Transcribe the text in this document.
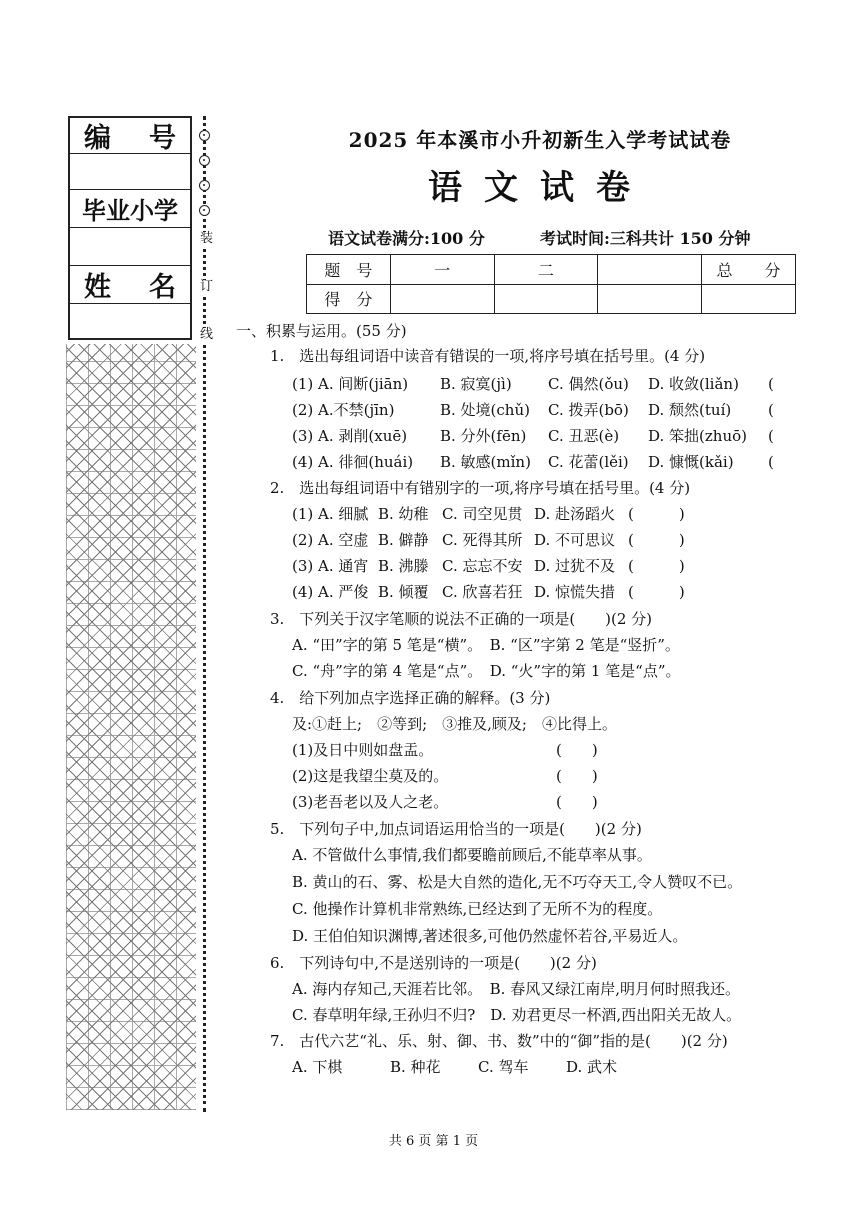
编 号
毕业小学
姓 名
装
订
线
2025 年本溪市小升初新生入学考试试卷
语文试卷
语文试卷满分:100 分	考试时间:三科共计 150 分钟
题　号	一	二		总　　分
得　分				
一、积累与运用。(55 分)
1.　选出每组词语中读音有错误的一项,将序号填在括号里。(4 分)
(1) A. 间断(jiān) B. 寂寞(jì) C. 偶然(ǒu) D. 收敛(liǎn) (
(2) A.不禁(jīn)	B. 处境(chǔ) C. 拨弄(bō) D. 颓然(tuí) (
(3) A. 剥削(xuē) B. 分外(fēn) C. 丑恶(è) D. 笨拙(zhuō) (
(4) A. 徘徊(huái) B. 敏感(mǐn) C. 花蕾(lěi) D. 慷慨(kǎi) (
2.　选出每组词语中有错别字的一项,将序号填在括号里。(4 分)
(1) A. 细腻 B. 幼稚 C. 司空见贯 D. 赴汤蹈火 (　　　)
(2) A. 空虚 B. 僻静 C. 死得其所 D. 不可思议 (　　　)
(3) A. 通宵 B. 沸滕 C. 忘忘不安 D. 过犹不及 (　　　)
(4) A. 严俊 B. 倾覆 C. 欣喜若狂 D. 惊慌失措 (　　　)
3.　下列关于汉字笔顺的说法不正确的一项是(　　)(2 分)
A. “田”字的第 5 笔是“横”。　B. “区”字第 2 笔是“竖折”。
C. “舟”字的第 4 笔是“点”。　D. “火”字的第 1 笔是“点”。
4.　给下列加点字选择正确的解释。(3 分)
及:①赶上;　②等到;　③推及,顾及;　④比得上。
(1)及日中则如盘盂。	(　　)
(2)这是我望尘莫及的。	(　　)
(3)老吾老以及人之老。	(　　)
5.　下列句子中,加点词语运用恰当的一项是(　　)(2 分)
A. 不管做什么事情,我们都要瞻前顾后,不能草率从事。
B. 黄山的石、雾、松是大自然的造化,无不巧夺天工,令人赞叹不已。
C. 他操作计算机非常熟练,已经达到了无所不为的程度。
D. 王伯伯知识渊博,著述很多,可他仍然虚怀若谷,平易近人。
6.　下列诗句中,不是送别诗的一项是(　　)(2 分)
A. 海内存知己,天涯若比邻。　B. 春风又绿江南岸,明月何时照我还。
C. 春草明年绿,王孙归不归?　D. 劝君更尽一杯酒,西出阳关无故人。
7.　古代六艺“礼、乐、射、御、书、数”中的“御”指的是(　　)(2 分)
A. 下棋	B. 种花 C. 驾车	D. 武术
共 6 页 第 1 页
